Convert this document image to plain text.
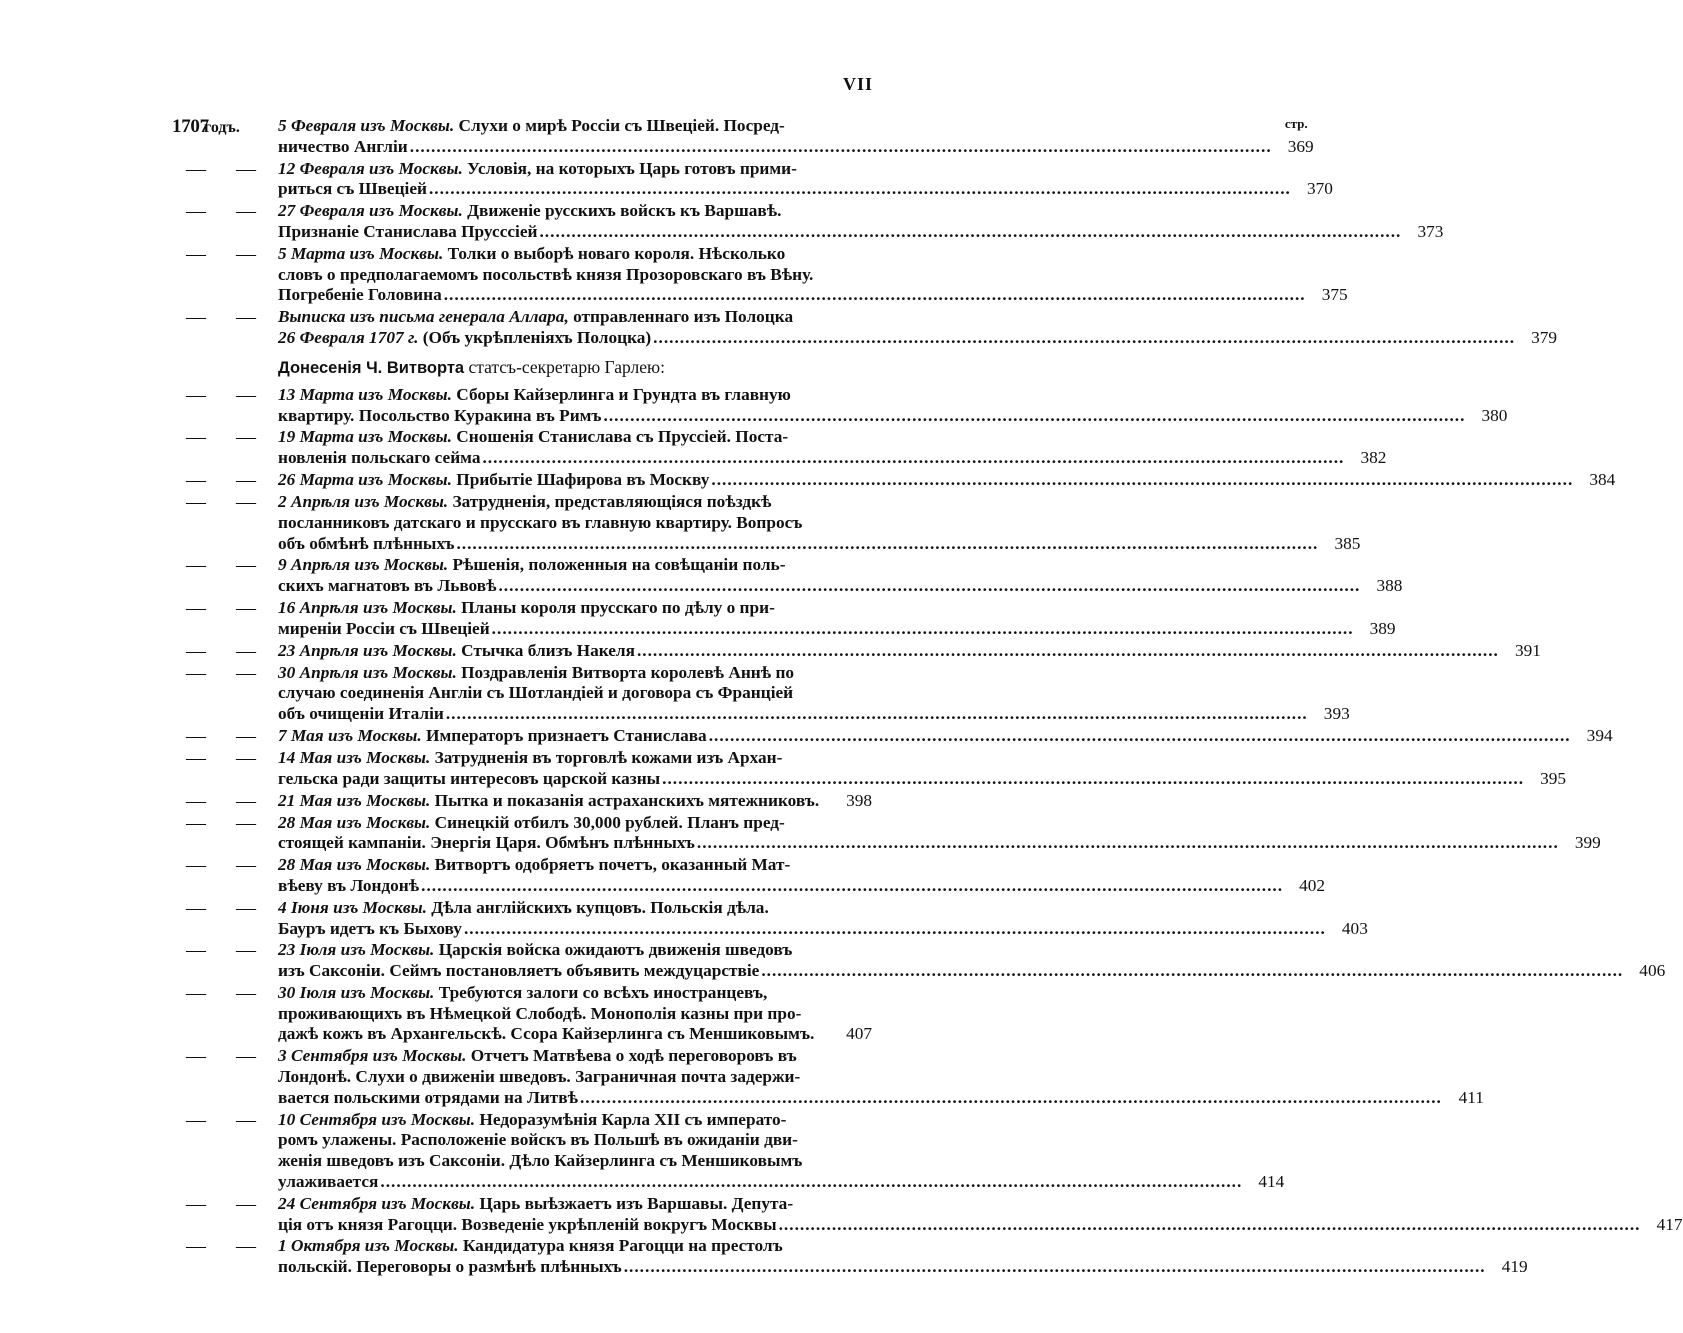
VII
1707
годъ.	стр.
5 Февраля изъ Москвы. Слухи о мирѣ Россіи съ Швеціей. Посред-
ничество Англіи .................................................................................................................................................................. 369
—	—	12 Февраля изъ Москвы. Условія, на которыхъ Царь готовъ прими-
риться съ Швеціей .................................................................................................................................................................. 370
—	—	27 Февраля изъ Москвы. Движеніе русскихъ войскъ къ Варшавѣ.
Признаніе Станислава Прусссіей .................................................................................................................................................................. 373
—	—	5 Марта изъ Москвы. Толки о выборѣ новаго короля. Нѣсколько
словъ о предполагаемомъ посольствѣ князя Прозоровскаго въ Вѣну.
Погребеніе Головина .................................................................................................................................................................. 375
—	—	Выписка изъ письма генерала Аллара, отправленнаго изъ Полоцка
26 Февраля 1707 г. (Объ укрѣпленіяхъ Полоцка) .................................................................................................................................................................. 379
Донесенія Ч. Витворта статсъ-секретарю Гарлею:
—	—	13 Марта изъ Москвы. Сборы Кайзерлинга и Грундта въ главную
квартиру. Посольство Куракина въ Римъ .................................................................................................................................................................. 380
—	—	19 Марта изъ Москвы. Сношенія Станислава съ Пруссіей. Поста-
новленія польскаго сейма .................................................................................................................................................................. 382
—	—	26 Марта изъ Москвы. Прибытіе Шафирова въ Москву .................................................................................................................................................................. 384
—	—	2 Апрѣля изъ Москвы. Затрудненія, представляющіяся поѣздкѣ
посланниковъ датскаго и прусскаго въ главную квартиру. Вопросъ
объ обмѣнѣ плѣнныхъ .................................................................................................................................................................. 385
—	—	9 Апрѣля изъ Москвы. Рѣшенія, положенныя на совѣщаніи поль-
скихъ магнатовъ въ Львовѣ .................................................................................................................................................................. 388
—	—	16 Апрѣля изъ Москвы. Планы короля прусскаго по дѣлу о при-
миреніи Россіи съ Швеціей .................................................................................................................................................................. 389
—	—	23 Апрѣля изъ Москвы. Стычка близъ Накеля .................................................................................................................................................................. 391
—	—	30 Апрѣля изъ Москвы. Поздравленія Витворта королевѣ Аннѣ по
случаю соединенія Англіи съ Шотландіей и договора съ Франціей
объ очищеніи Италіи .................................................................................................................................................................. 393
—	—	7 Мая изъ Москвы. Императоръ признаетъ Станислава .................................................................................................................................................................. 394
—	—	14 Мая изъ Москвы. Затрудненія въ торговлѣ кожами изъ Архан-
гельска ради защиты интересовъ царской казны .................................................................................................................................................................. 395
—	—	21 Мая изъ Москвы. Пытка и показанія астраханскихъ мятежниковъ.	398
—	—	28 Мая изъ Москвы. Синецкій отбилъ 30,000 рублей. Планъ пред-
стоящей кампаніи. Энергія Царя. Обмѣнъ плѣнныхъ .................................................................................................................................................................. 399
—	—	28 Мая изъ Москвы. Витвортъ одобряетъ почетъ, оказанный Мат-
вѣеву въ Лондонѣ .................................................................................................................................................................. 402
—	—	4 Іюня изъ Москвы. Дѣла англійскихъ купцовъ. Польскія дѣла.
Бауръ идетъ къ Быхову .................................................................................................................................................................. 403
—	—	23 Іюля изъ Москвы. Царскія войска ожидаютъ движенія шведовъ
изъ Саксоніи. Сеймъ постановляетъ объявить междуцарствіе .................................................................................................................................................................. 406
—	—	30 Іюля изъ Москвы. Требуются залоги со всѣхъ иностранцевъ,
проживающихъ въ Нѣмецкой Слободѣ. Монополія казны при про-
дажѣ кожъ въ Архангельскѣ. Ссора Кайзерлинга съ Меншиковымъ.	407
—	—	3 Сентября изъ Москвы. Отчетъ Матвѣева о ходѣ переговоровъ въ
Лондонѣ. Слухи о движеніи шведовъ. Заграничная почта задержи-
вается польскими отрядами на Литвѣ .................................................................................................................................................................. 411
—	—	10 Сентября изъ Москвы. Недоразумѣнія Карла XII съ императо-
ромъ улажены. Расположеніе войскъ въ Польшѣ въ ожиданіи дви-
женія шведовъ изъ Саксоніи. Дѣло Кайзерлинга съ Меншиковымъ
улаживается .................................................................................................................................................................. 414
—	—	24 Сентября изъ Москвы. Царь выѣзжаетъ изъ Варшавы. Депута-
ція отъ князя Рагоцци. Возведеніе укрѣпленій вокругъ Москвы .................................................................................................................................................................. 417
—	—	1 Октября изъ Москвы. Кандидатура князя Рагоцци на престолъ
польскій. Переговоры о размѣнѣ плѣнныхъ .................................................................................................................................................................. 419
